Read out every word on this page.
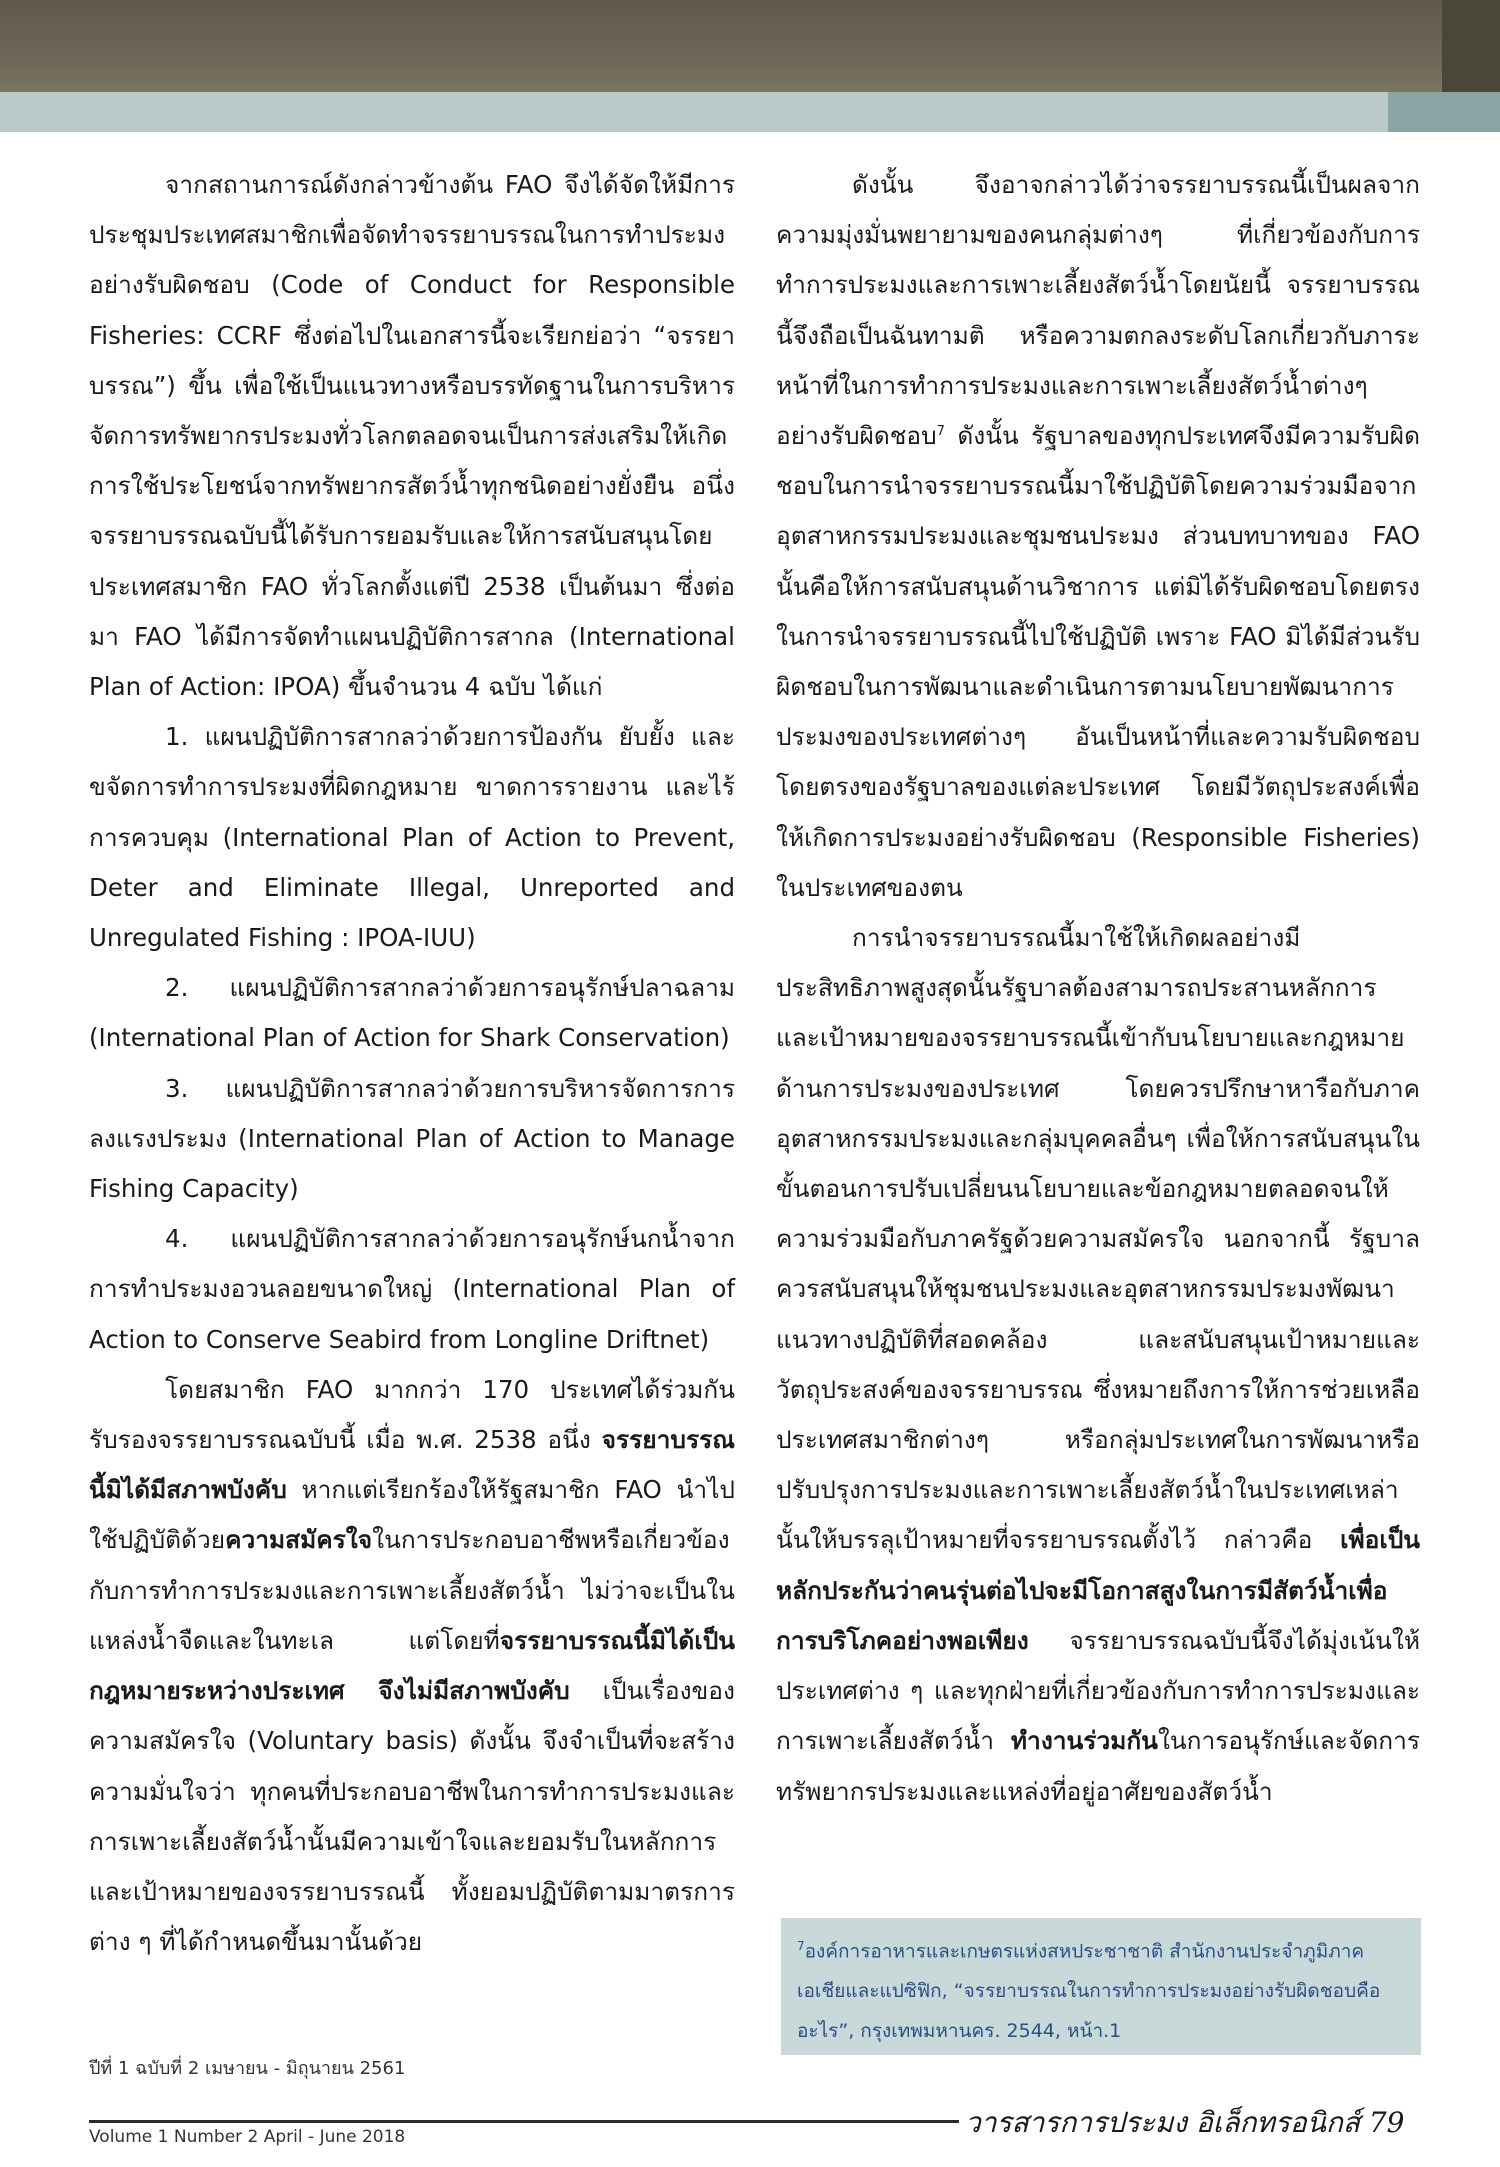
จากสถานการณ์ดังกล่าวข้างต้น FAO จึงได้จัดให้มีการประชุมประเทศสมาชิกเพื่อจัดทำจรรยาบรรณในการทำประมงอย่างรับผิดชอบ (Code of Conduct for Responsible Fisheries: CCRF ซึ่งต่อไปในเอกสารนี้จะเรียกย่อว่า “จรรยาบรรณ”) ขึ้น เพื่อใช้เป็นแนวทางหรือบรรทัดฐานในการบริหารจัดการทรัพยากรประมงทั่วโลกตลอดจนเป็นการส่งเสริมให้เกิดการใช้ประโยชน์จากทรัพยากรสัตว์น้ำทุกชนิดอย่างยั่งยืน อนึ่ง จรรยาบรรณฉบับนี้ได้รับการยอมรับและให้การสนับสนุนโดยประเทศสมาชิก FAO ทั่วโลกตั้งแต่ปี 2538 เป็นต้นมา ซึ่งต่อมา FAO ได้มีการจัดทำแผนปฏิบัติการสากล (International Plan of Action: IPOA) ขึ้นจำนวน 4 ฉบับ ได้แก่

1. แผนปฏิบัติการสากลว่าด้วยการป้องกัน ยับยั้ง และขจัดการทำการประมงที่ผิดกฎหมาย ขาดการรายงาน และไร้การควบคุม (International Plan of Action to Prevent, Deter and Eliminate Illegal, Unreported and Unregulated Fishing : IPOA-IUU)

2. แผนปฏิบัติการสากลว่าด้วยการอนุรักษ์ปลาฉลาม (International Plan of Action for Shark Conservation)

3. แผนปฏิบัติการสากลว่าด้วยการบริหารจัดการการลงแรงประมง (International Plan of Action to Manage Fishing Capacity)

4. แผนปฏิบัติการสากลว่าด้วยการอนุรักษ์นกน้ำจากการทำประมงอวนลอยขนาดใหญ่ (International Plan of Action to Conserve Seabird from Longline Driftnet)

โดยสมาชิก FAO มากกว่า 170 ประเทศได้ร่วมกันรับรองจรรยาบรรณฉบับนี้ เมื่อ พ.ศ. 2538 อนึ่ง จรรยาบรรณนี้มิได้มีสภาพบังคับ หากแต่เรียกร้องให้รัฐสมาชิก FAO นำไปใช้ปฏิบัติด้วยความสมัครใจในการประกอบอาชีพหรือเกี่ยวข้องกับการทำการประมงและการเพาะเลี้ยงสัตว์น้ำ ไม่ว่าจะเป็นในแหล่งน้ำจืดและในทะเล แต่โดยที่จรรยาบรรณนี้มิได้เป็นกฎหมายระหว่างประเทศ จึงไม่มีสภาพบังคับ เป็นเรื่องของความสมัครใจ (Voluntary basis) ดังนั้น จึงจำเป็นที่จะสร้างความมั่นใจว่า ทุกคนที่ประกอบอาชีพในการทำการประมงและการเพาะเลี้ยงสัตว์น้ำนั้นมีความเข้าใจและยอมรับในหลักการและเป้าหมายของจรรยาบรรณนี้ ทั้งยอมปฏิบัติตามมาตรการต่าง ๆ ที่ได้กำหนดขึ้นมานั้นด้วย

ดังนั้น จึงอาจกล่าวได้ว่าจรรยาบรรณนี้เป็นผลจากความมุ่งมั่นพยายามของคนกลุ่มต่างๆ ที่เกี่ยวข้องกับการทำการประมงและการเพาะเลี้ยงสัตว์น้ำโดยนัยนี้ จรรยาบรรณนี้จึงถือเป็นฉันทามติ หรือความตกลงระดับโลกเกี่ยวกับภาระหน้าที่ในการทำการประมงและการเพาะเลี้ยงสัตว์น้ำต่างๆ อย่างรับผิดชอบ$^7$ ดังนั้น รัฐบาลของทุกประเทศจึงมีความรับผิดชอบในการนำจรรยาบรรณนี้มาใช้ปฏิบัติโดยความร่วมมือจากอุตสาหกรรมประมงและชุมชนประมง ส่วนบทบาทของ FAO นั้นคือให้การสนับสนุนด้านวิชาการ แต่มิได้รับผิดชอบโดยตรงในการนำจรรยาบรรณนี้ไปใช้ปฏิบัติ เพราะ FAO มิได้มีส่วนรับผิดชอบในการพัฒนาและดำเนินการตามนโยบายพัฒนาการประมงของประเทศต่างๆ อันเป็นหน้าที่และความรับผิดชอบโดยตรงของรัฐบาลของแต่ละประเทศ โดยมีวัตถุประสงค์เพื่อให้เกิดการประมงอย่างรับผิดชอบ (Responsible Fisheries) ในประเทศของตน

การนำจรรยาบรรณนี้มาใช้ให้เกิดผลอย่างมีประสิทธิภาพสูงสุดนั้นรัฐบาลต้องสามารถประสานหลักการและเป้าหมายของจรรยาบรรณนี้เข้ากับนโยบายและกฎหมายด้านการประมงของประเทศ โดยควรปรึกษาหารือกับภาคอุตสาหกรรมประมงและกลุ่มบุคคลอื่นๆ เพื่อให้การสนับสนุนในขั้นตอนการปรับเปลี่ยนนโยบายและข้อกฎหมายตลอดจนให้ความร่วมมือกับภาครัฐด้วยความสมัครใจ นอกจากนี้ รัฐบาลควรสนับสนุนให้ชุมชนประมงและอุตสาหกรรมประมงพัฒนาแนวทางปฏิบัติที่สอดคล้อง และสนับสนุนเป้าหมายและวัตถุประสงค์ของจรรยาบรรณ ซึ่งหมายถึงการให้การช่วยเหลือประเทศสมาชิกต่างๆ หรือกลุ่มประเทศในการพัฒนาหรือปรับปรุงการประมงและการเพาะเลี้ยงสัตว์น้ำในประเทศเหล่านั้นให้บรรลุเป้าหมายที่จรรยาบรรณตั้งไว้ กล่าวคือ เพื่อเป็นหลักประกันว่าคนรุ่นต่อไปจะมีโอกาสสูงในการมีสัตว์น้ำเพื่อการบริโภคอย่างพอเพียง จรรยาบรรณฉบับนี้จึงได้มุ่งเน้นให้ประเทศต่าง ๆ และทุกฝ่ายที่เกี่ยวข้องกับการทำการประมงและการเพาะเลี้ยงสัตว์น้ำ ทำงานร่วมกันในการอนุรักษ์และจัดการทรัพยากรประมงและแหล่งที่อยู่อาศัยของสัตว์น้ำ

$^7$องค์การอาหารและเกษตรแห่งสหประชาชาติ สำนักงานประจำภูมิภาคเอเชียและแปซิฟิก, “จรรยาบรรณในการทำการประมงอย่างรับผิดชอบคืออะไร”, กรุงเทพมหานคร. 2544, หน้า.1
ปีที่ 1 ฉบับที่ 2 เมษายน - มิถุนายน 2561
Volume 1 Number 2 April - June 2018	วารสารการประมง อิเล็กทรอนิกส์ 79
